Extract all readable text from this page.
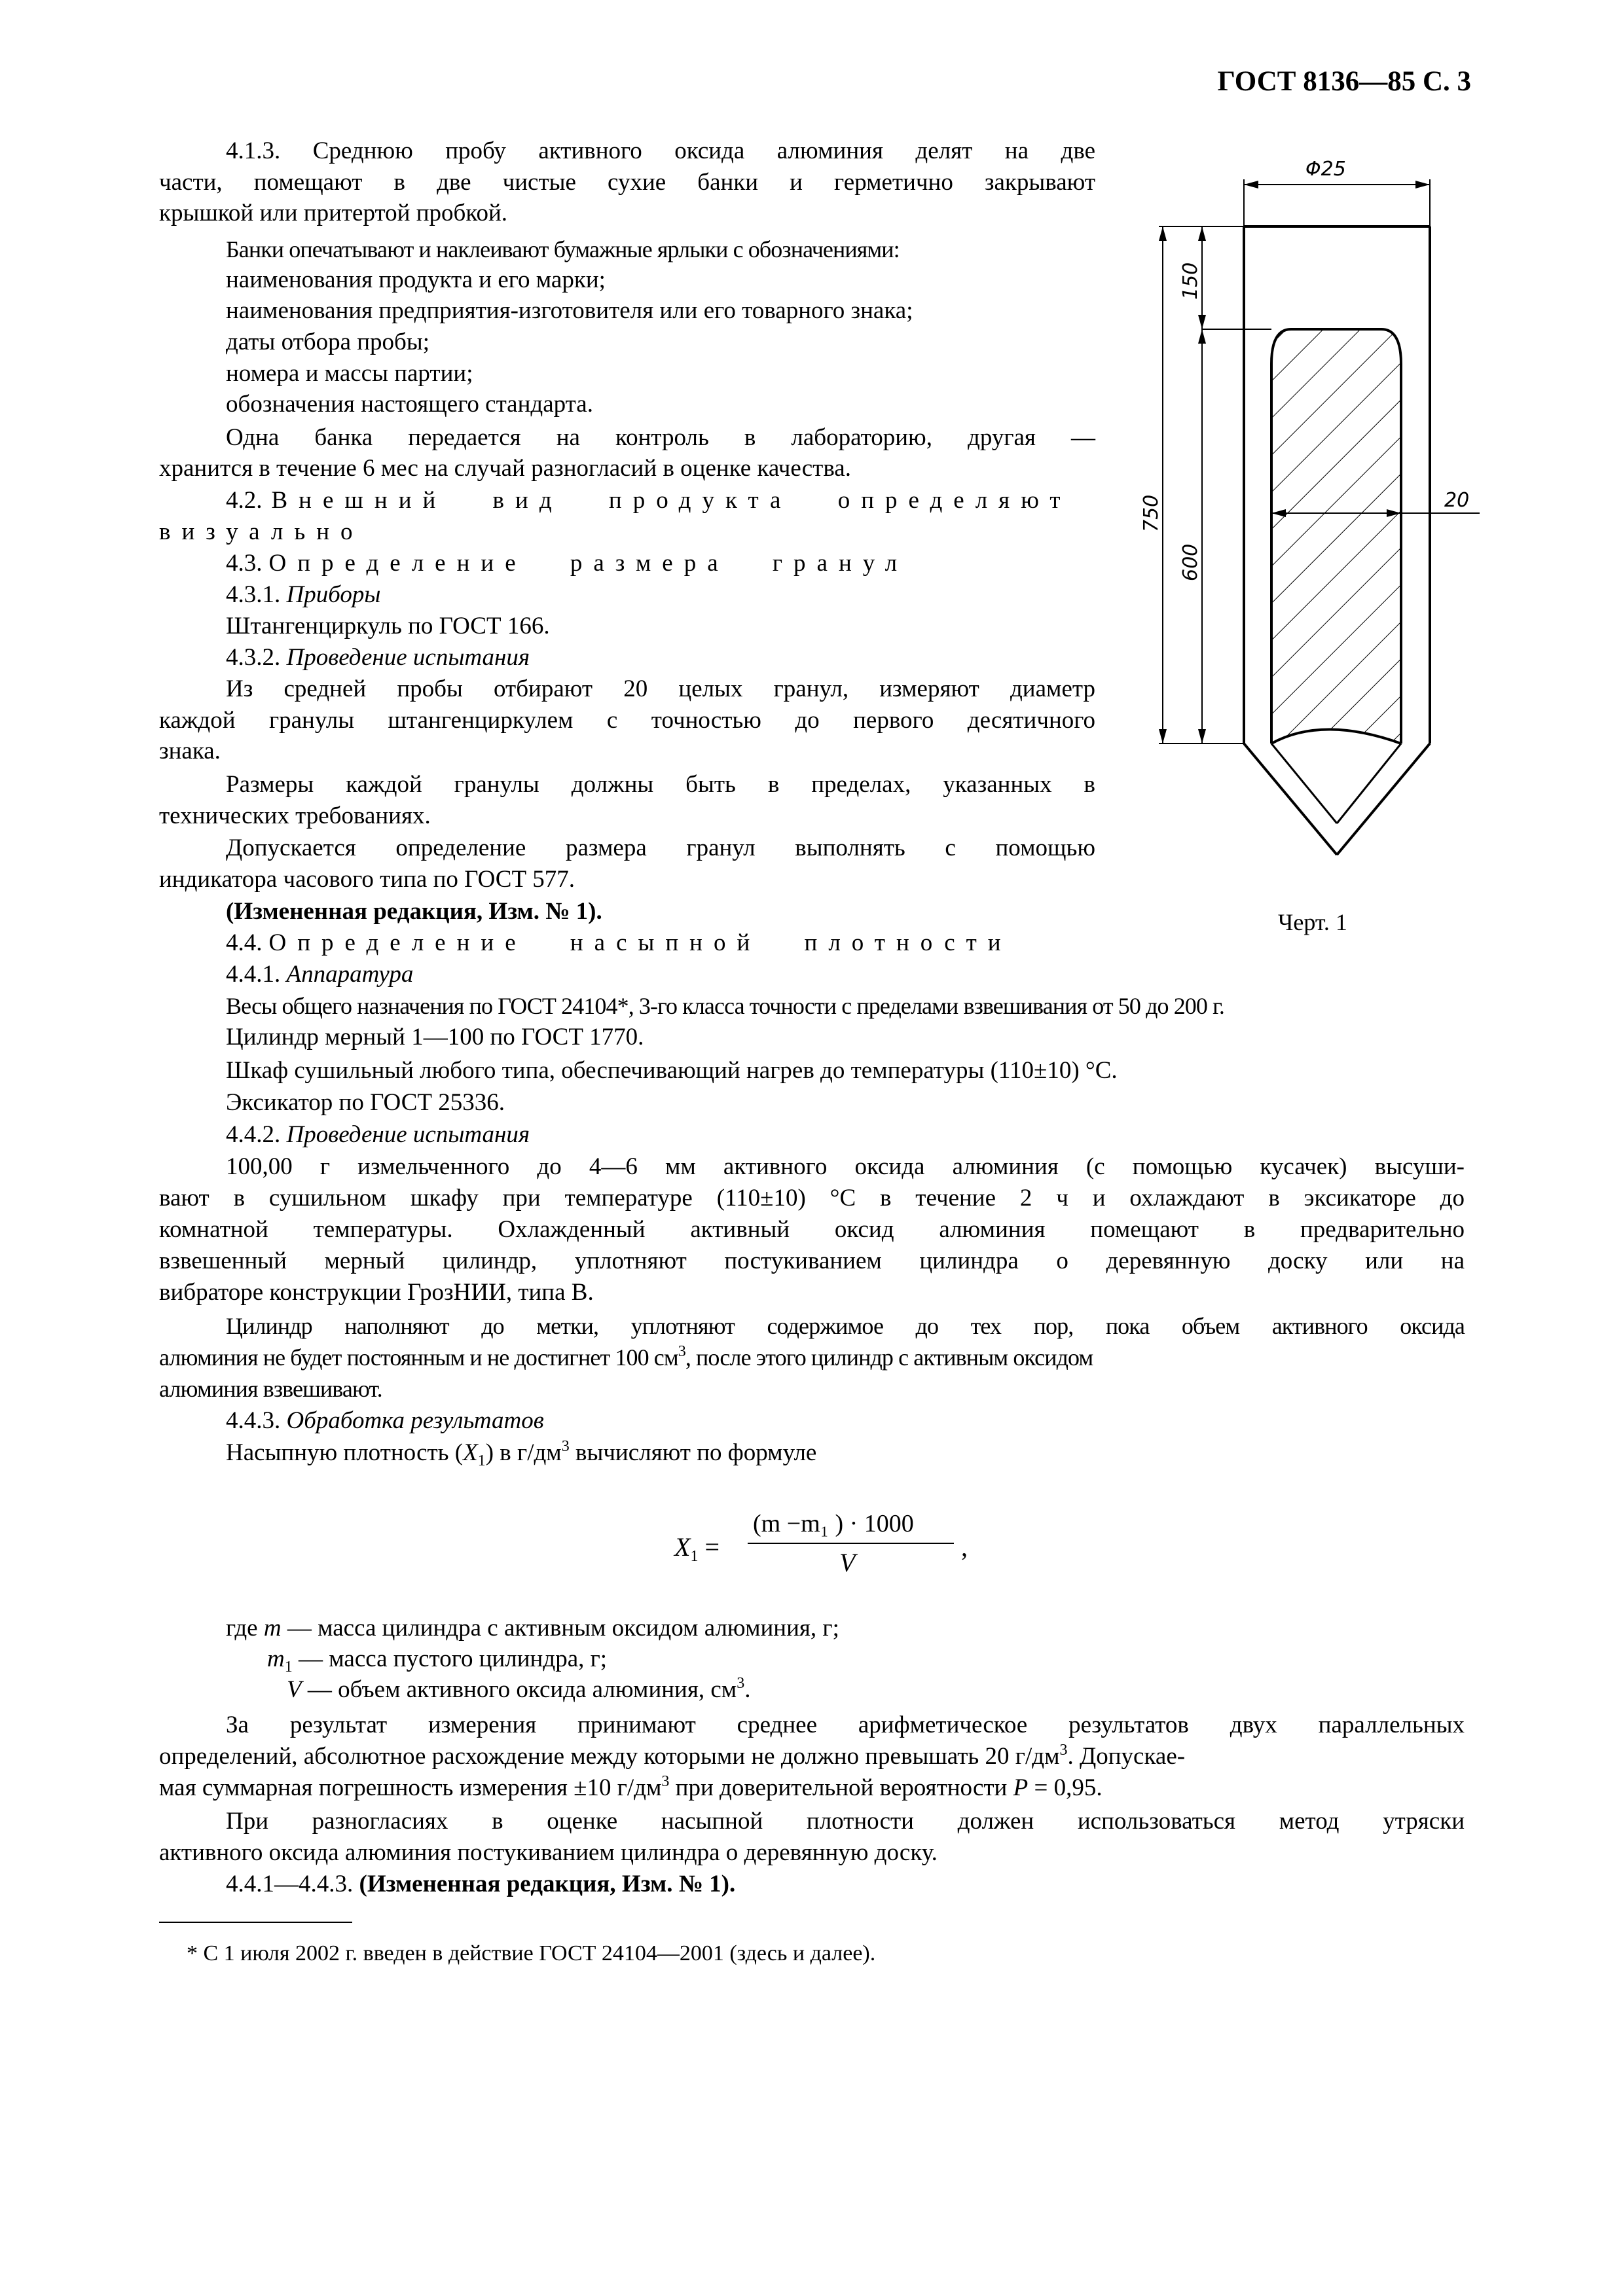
ГОСТ 8136—85 С. 3
4.1.3. Среднюю пробу активного оксида алюминия делят на две
части, помещают в две чистые сухие банки и герметично закрывают
крышкой или притертой пробкой.
Банки опечатывают и наклеивают бумажные ярлыки с обозначениями:
наименования продукта и его марки;
наименования предприятия-изготовителя или его товарного знака;
даты отбора пробы;
номера и массы партии;
обозначения настоящего стандарта.
Одна банка передается на контроль в лабораторию, другая —
хранится в течение 6 мес на случай разногласий в оценке качества.
4.2. Внешний вид продукта определяют
визуально
4.3. Определение размера гранул
4.3.1. Приборы
Штангенциркуль по ГОСТ 166.
4.3.2. Проведение испытания
Из средней пробы отбирают 20 целых гранул, измеряют диаметр
каждой гранулы штангенциркулем с точностью до первого десятичного
знака.
Размеры каждой гранулы должны быть в пределах, указанных в
технических требованиях.
Допускается определение размера гранул выполнять с помощью
индикатора часового типа по ГОСТ 577.
(Измененная редакция, Изм. № 1).
4.4. Определение насыпной плотности
4.4.1. Аппаратура
Весы общего назначения по ГОСТ 24104*, 3-го класса точности с пределами взвешивания от 50 до 200 г.
Цилиндр мерный 1—100 по ГОСТ 1770.
Шкаф сушильный любого типа, обеспечивающий нагрев до температуры (110±10) °С.
Эксикатор по ГОСТ 25336.
4.4.2. Проведение испытания
100,00 г измельченного до 4—6 мм активного оксида алюминия (с помощью кусачек) высуши-
вают в сушильном шкафу при температуре (110±10) °С в течение 2 ч и охлаждают в эксикаторе до
комнатной температуры. Охлажденный активный оксид алюминия помещают в предварительно
взвешенный мерный цилиндр, уплотняют постукиванием цилиндра о деревянную доску или на
вибраторе конструкции ГрозНИИ, типа В.
Цилиндр наполняют до метки, уплотняют содержимое до тех пор, пока объем активного оксида
алюминия не будет постоянным и не достигнет 100 $см^3$, после этого цилиндр с активным оксидом
алюминия взвешивают.
4.4.3. Обработка результатов
Насыпную плотность $(X_1)$ в $г/дм^3$ вычисляют по формуле
$X_1$ =
(m −m₁ ) · 1000
V
,
где m — масса цилиндра с активным оксидом алюминия, г;
$m_1$ — масса пустого цилиндра, г;
V — объем активного оксида алюминия, $см^3$.
За результат измерения принимают среднее арифметическое результатов двух параллельных
определений, абсолютное расхождение между которыми не должно превышать 20 $г/дм^3$. Допускае-
мая суммарная погрешность измерения ±10 $г/дм^3$ при доверительной вероятности P = 0,95.
При разногласиях в оценке насыпной плотности должен использоваться метод утряски
активного оксида алюминия постукиванием цилиндра о деревянную доску.
4.4.1—4.4.3. (Измененная редакция, Изм. № 1).
* С 1 июля 2002 г. введен в действие ГОСТ 24104—2001 (здесь и далее).
Φ25
20
150
600
750
Черт. 1
